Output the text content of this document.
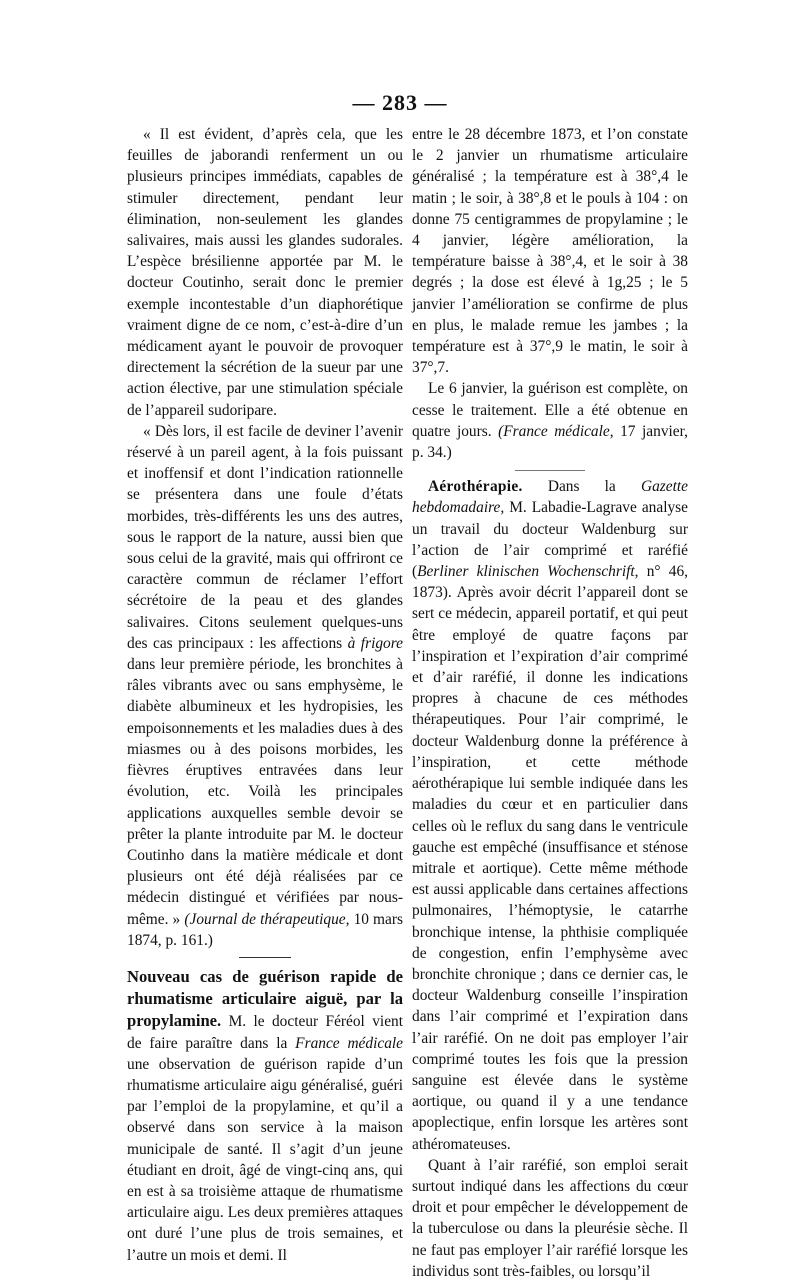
— 283 —

« Il est évident, d’après cela, que les feuilles de jaborandi renferment un ou plusieurs principes immédiats, capables de stimuler directement, pendant leur élimination, non-seulement les glandes salivaires, mais aussi les glandes sudorales. L’espèce brésilienne apportée par M. le docteur Coutinho, serait donc le premier exemple incontestable d’un diaphorétique vraiment digne de ce nom, c’est-à-dire d’un médicament ayant le pouvoir de provoquer directement la sécrétion de la sueur par une action élective, par une stimulation spéciale de l’appareil sudoripare.

« Dès lors, il est facile de deviner l’avenir réservé à un pareil agent, à la fois puissant et inoffensif et dont l’indication rationnelle se présentera dans une foule d’états morbides, très-différents les uns des autres, sous le rapport de la nature, aussi bien que sous celui de la gravité, mais qui offriront ce caractère commun de réclamer l’effort sécrétoire de la peau et des glandes salivaires. Citons seulement quelques-uns des cas principaux : les affections à frigore dans leur première période, les bronchites à râles vibrants avec ou sans emphysème, le diabète albumineux et les hydropisies, les empoisonnements et les maladies dues à des miasmes ou à des poisons morbides, les fièvres éruptives entravées dans leur évolution, etc. Voilà les principales applications auxquelles semble devoir se prêter la plante introduite par M. le docteur Coutinho dans la matière médicale et dont plusieurs ont été déjà réalisées par ce médecin distingué et vérifiées par nous-même. » (Journal de thérapeutique, 10 mars 1874, p. 161.)

Nouveau cas de guérison rapide de rhumatisme articulaire aiguë, par la propylamine. M. le docteur Féréol vient de faire paraître dans la France médicale une observation de guérison rapide d’un rhumatisme articulaire aigu généralisé, guéri par l’emploi de la propylamine, et qu’il a observé dans son service à la maison municipale de santé. Il s’agit d’un jeune étudiant en droit, âgé de vingt-cinq ans, qui en est à sa troisième attaque de rhumatisme articulaire aigu. Les deux premières attaques ont duré l’une plus de trois semaines, et l’autre un mois et demi. Il

entre le 28 décembre 1873, et l’on constate le 2 janvier un rhumatisme articulaire généralisé ; la température est à 38°,4 le matin ; le soir, à 38°,8 et le pouls à 104 : on donne 75 centigrammes de propylamine ; le 4 janvier, légère amélioration, la température baisse à 38°,4, et le soir à 38 degrés ; la dose est élevé à 1g,25 ; le 5 janvier l’amélioration se confirme de plus en plus, le malade remue les jambes ; la température est à 37°,9 le matin, le soir à 37°,7.

Le 6 janvier, la guérison est complète, on cesse le traitement. Elle a été obtenue en quatre jours. (France médicale, 17 janvier, p. 34.)

Aérothérapie. Dans la Gazette hebdomadaire, M. Labadie-Lagrave analyse un travail du docteur Waldenburg sur l’action de l’air comprimé et raréfié (Berliner klinischen Wochenschrift, n° 46, 1873). Après avoir décrit l’appareil dont se sert ce médecin, appareil portatif, et qui peut être employé de quatre façons par l’inspiration et l’expiration d’air comprimé et d’air raréfié, il donne les indications propres à chacune de ces méthodes thérapeutiques. Pour l’air comprimé, le docteur Waldenburg donne la préférence à l’inspiration, et cette méthode aérothérapique lui semble indiquée dans les maladies du cœur et en particulier dans celles où le reflux du sang dans le ventricule gauche est empêché (insuffisance et sténose mitrale et aortique). Cette même méthode est aussi applicable dans certaines affections pulmonaires, l’hémoptysie, le catarrhe bronchique intense, la phthisie compliquée de congestion, enfin l’emphysème avec bronchite chronique ; dans ce dernier cas, le docteur Waldenburg conseille l’inspiration dans l’air comprimé et l’expiration dans l’air raréfié. On ne doit pas employer l’air comprimé toutes les fois que la pression sanguine est élevée dans le système aortique, ou quand il y a une tendance apoplectique, enfin lorsque les artères sont athéromateuses.

Quant à l’air raréfié, son emploi serait surtout indiqué dans les affections du cœur droit et pour empêcher le développement de la tuberculose ou dans la pleurésie sèche. Il ne faut pas employer l’air raréfié lorsque les individus sont très-faibles, ou lorsqu’il
